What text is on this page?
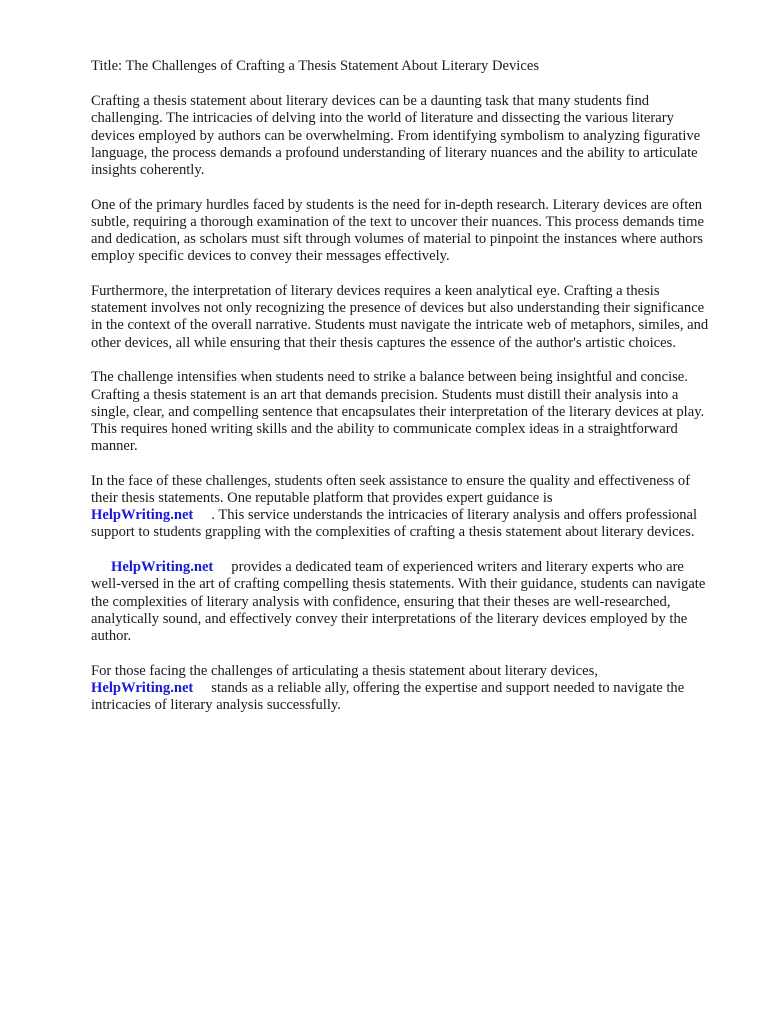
Title: The Challenges of Crafting a Thesis Statement About Literary Devices

Crafting a thesis statement about literary devices can be a daunting task that many students find challenging. The intricacies of delving into the world of literature and dissecting the various literary devices employed by authors can be overwhelming. From identifying symbolism to analyzing figurative language, the process demands a profound understanding of literary nuances and the ability to articulate insights coherently.

One of the primary hurdles faced by students is the need for in-depth research. Literary devices are often subtle, requiring a thorough examination of the text to uncover their nuances. This process demands time and dedication, as scholars must sift through volumes of material to pinpoint the instances where authors employ specific devices to convey their messages effectively.

Furthermore, the interpretation of literary devices requires a keen analytical eye. Crafting a thesis statement involves not only recognizing the presence of devices but also understanding their significance in the context of the overall narrative. Students must navigate the intricate web of metaphors, similes, and other devices, all while ensuring that their thesis captures the essence of the author's artistic choices.

The challenge intensifies when students need to strike a balance between being insightful and concise. Crafting a thesis statement is an art that demands precision. Students must distill their analysis into a single, clear, and compelling sentence that encapsulates their interpretation of the literary devices at play. This requires honed writing skills and the ability to communicate complex ideas in a straightforward manner.

In the face of these challenges, students often seek assistance to ensure the quality and effectiveness of their thesis statements. One reputable platform that provides expert guidance is
HelpWriting.net . This service understands the intricacies of literary analysis and offers professional support to students grappling with the complexities of crafting a thesis statement about literary devices.

HelpWriting.net provides a dedicated team of experienced writers and literary experts who are well-versed in the art of crafting compelling thesis statements. With their guidance, students can navigate the complexities of literary analysis with confidence, ensuring that their theses are well-researched, analytically sound, and effectively convey their interpretations of the literary devices employed by the author.

For those facing the challenges of articulating a thesis statement about literary devices,
HelpWriting.net stands as a reliable ally, offering the expertise and support needed to navigate the intricacies of literary analysis successfully.
